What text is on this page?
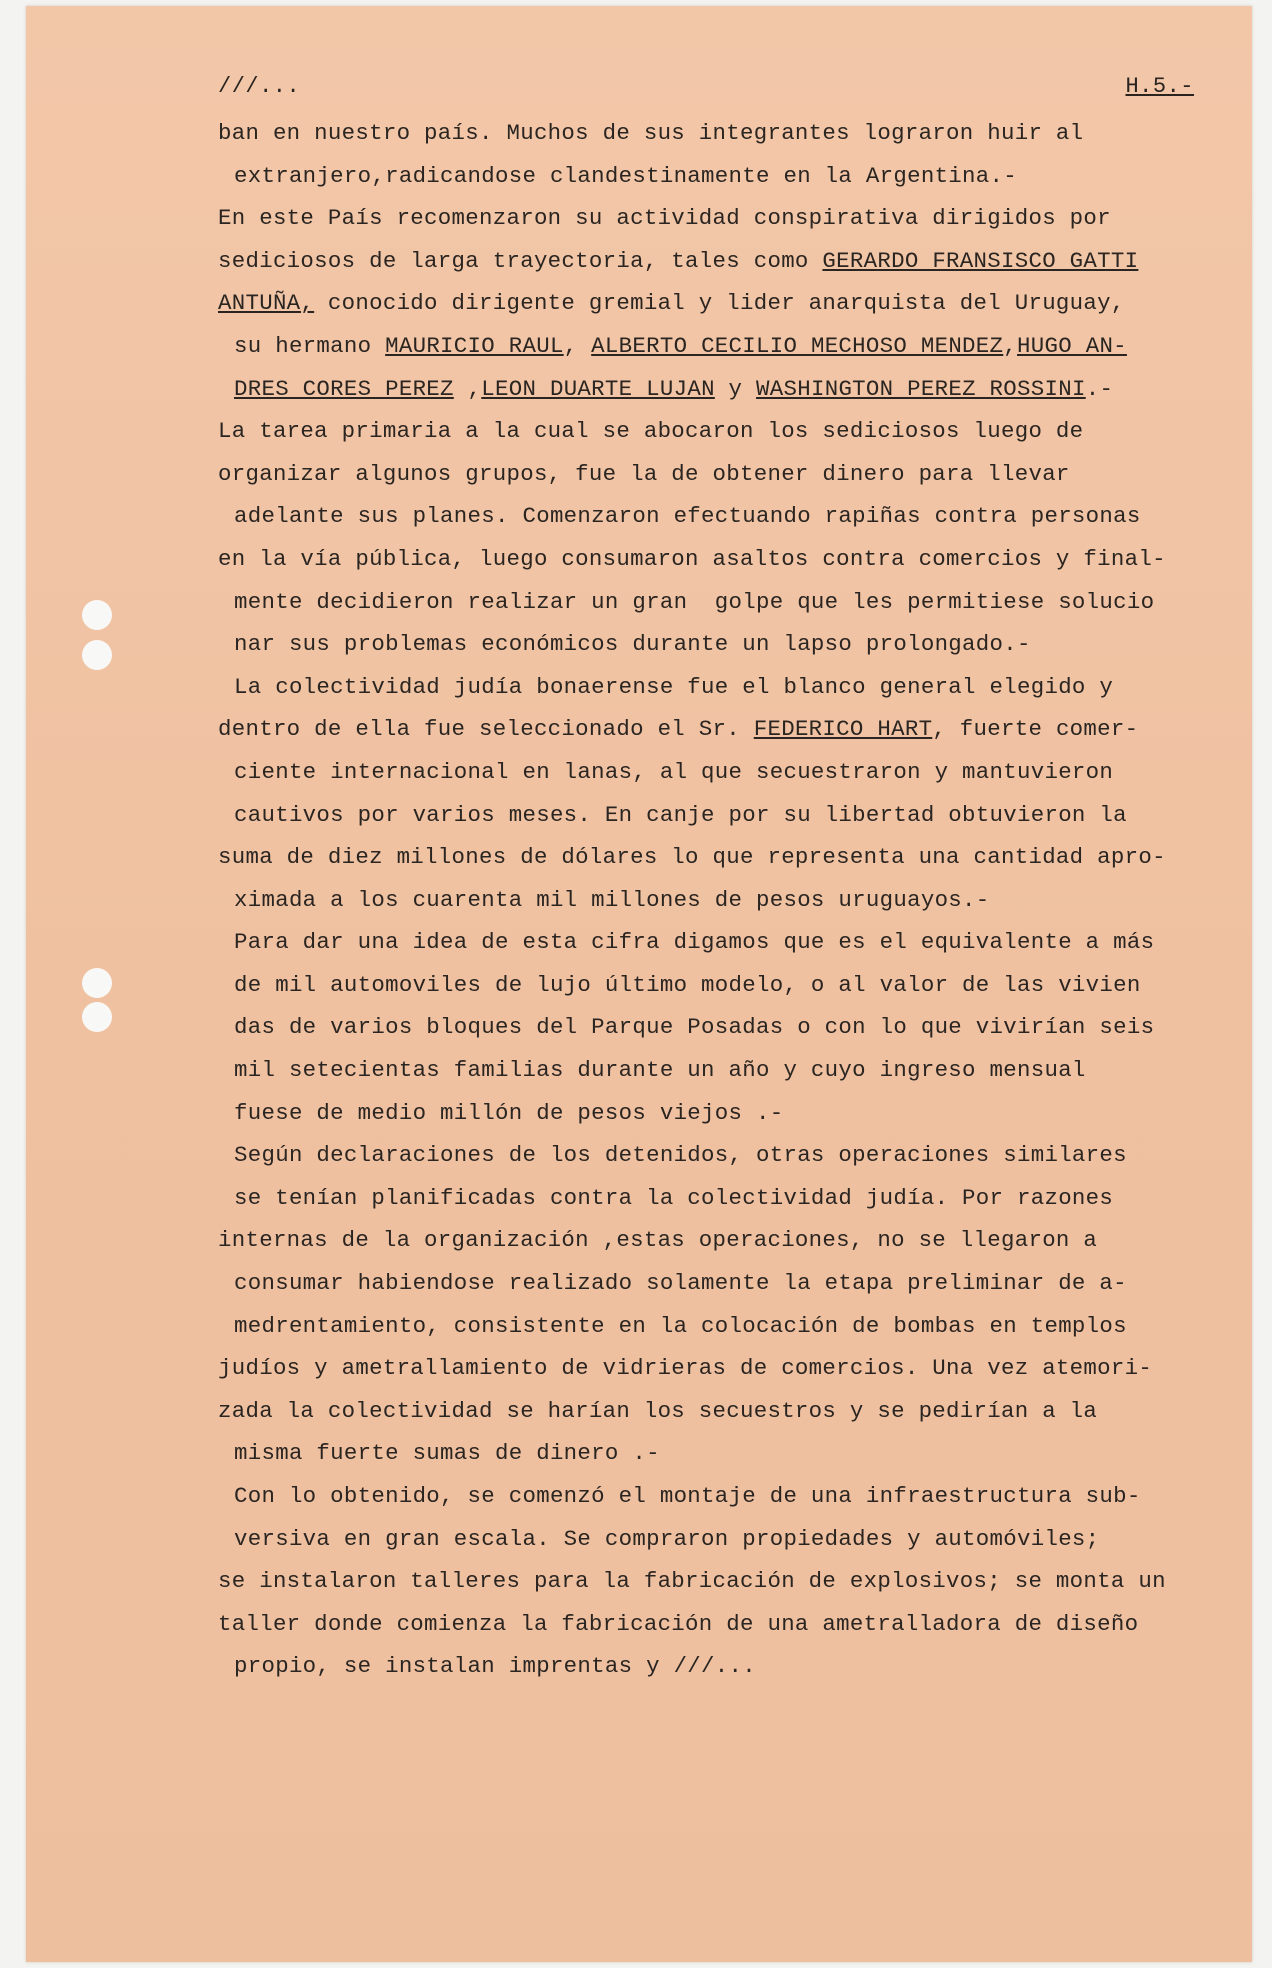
///...	H.5.-
ban en nuestro país. Muchos de sus integrantes lograron huir al
extranjero,radicandose clandestinamente en la Argentina.-
En este País recomenzaron su actividad conspirativa dirigidos por
sediciosos de larga trayectoria, tales como GERARDO FRANSISCO GATTI
ANTUÑA, conocido dirigente gremial y lider anarquista del Uruguay,
su hermano MAURICIO RAUL, ALBERTO CECILIO MECHOSO MENDEZ,HUGO AN-
DRES CORES PEREZ ,LEON DUARTE LUJAN y WASHINGTON PEREZ ROSSINI.-
La tarea primaria a la cual se abocaron los sediciosos luego de
organizar algunos grupos, fue la de obtener dinero para llevar
adelante sus planes. Comenzaron efectuando rapiñas contra personas
en la vía pública, luego consumaron asaltos contra comercios y final-
mente decidieron realizar un gran  golpe que les permitiese solucio
nar sus problemas económicos durante un lapso prolongado.-
La colectividad judía bonaerense fue el blanco general elegido y
dentro de ella fue seleccionado el Sr. FEDERICO HART, fuerte comer-
ciente internacional en lanas, al que secuestraron y mantuvieron
cautivos por varios meses. En canje por su libertad obtuvieron la
suma de diez millones de dólares lo que representa una cantidad apro-
ximada a los cuarenta mil millones de pesos uruguayos.-
Para dar una idea de esta cifra digamos que es el equivalente a más
de mil automoviles de lujo último modelo, o al valor de las vivien
das de varios bloques del Parque Posadas o con lo que vivirían seis
mil setecientas familias durante un año y cuyo ingreso mensual
fuese de medio millón de pesos viejos .-
Según declaraciones de los detenidos, otras operaciones similares
se tenían planificadas contra la colectividad judía. Por razones
internas de la organización ,estas operaciones, no se llegaron a
consumar habiendose realizado solamente la etapa preliminar de a-
medrentamiento, consistente en la colocación de bombas en templos
judíos y ametrallamiento de vidrieras de comercios. Una vez atemori-
zada la colectividad se harían los secuestros y se pedirían a la
misma fuerte sumas de dinero .-
Con lo obtenido, se comenzó el montaje de una infraestructura sub-
versiva en gran escala. Se compraron propiedades y automóviles;
se instalaron talleres para la fabricación de explosivos; se monta un
taller donde comienza la fabricación de una ametralladora de diseño
propio, se instalan imprentas y ///...
